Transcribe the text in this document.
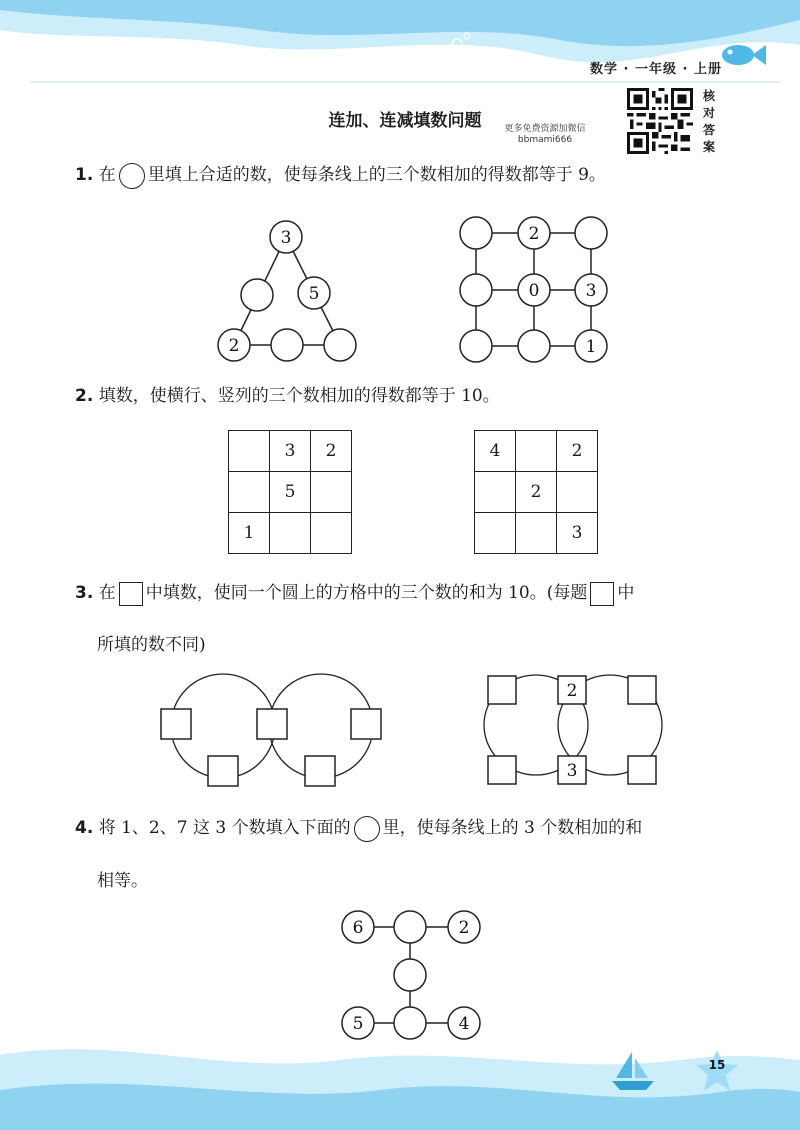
数学 · 一年级 · 上册
核
对
答
案
连加、连减填数问题	更多免费资源加微信
bbmami666
1. 在 里填上合适的数，使每条线上的三个数相加的得数都等于 9。
3
5
2
2
0	3
1
2. 填数，使横行、竖列的三个数相加的得数都等于 10。
	3	2
	5	
1		
4		2
	2	
		3
3. 在 中填数，使同一个圆上的方格中的三个数的和为 10。(每题 中
所填的数不同)
2
3
4. 将 1、2、7 这 3 个数填入下面的 里，使每条线上的 3 个数相加的和
相等。
6	2
5	4
15
